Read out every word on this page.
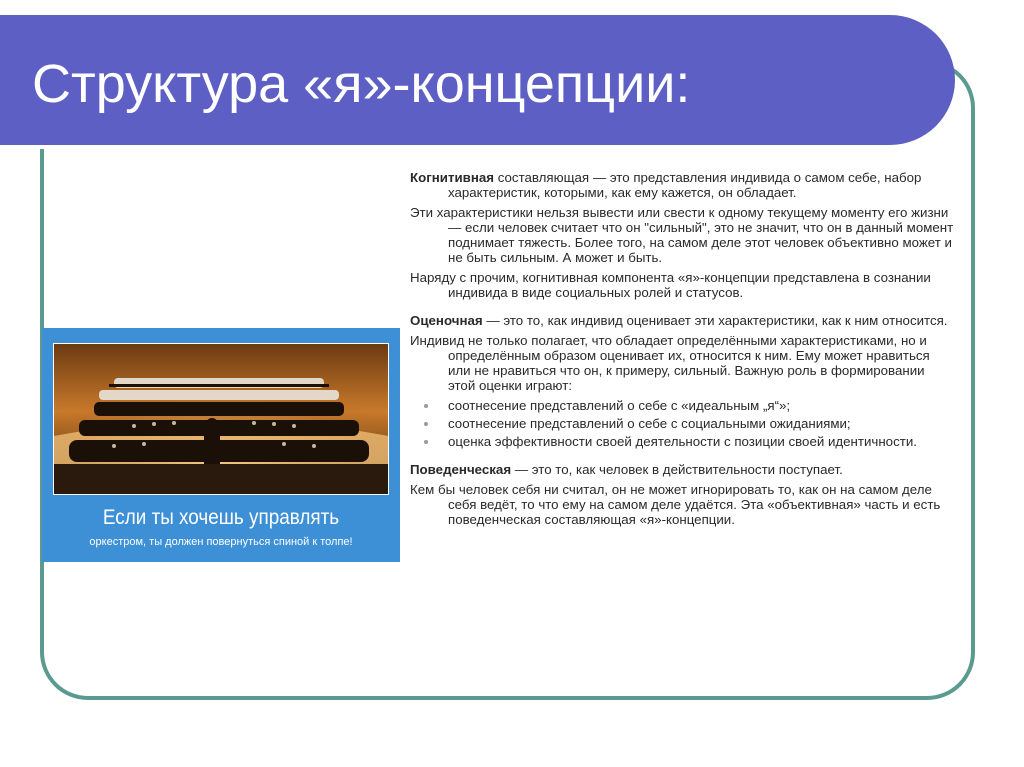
Структура «я»-концепции:
Если ты хочешь управлять
оркестром, ты должен повернуться спиной к толпе!

Когнитивная составляющая — это представления индивида о самом себе, набор характеристик, которыми, как ему кажется, он обладает.

Эти характеристики нельзя вывести или свести к одному текущему моменту его жизни — если человек считает что он "сильный", это не значит, что он в данный момент поднимает тяжесть. Более того, на самом деле этот человек объективно может и не быть сильным. А может и быть.

Наряду с прочим, когнитивная компонента «я»-концепции представлена в сознании индивида в виде социальных ролей и статусов.

Оценочная — это то, как индивид оценивает эти характеристики, как к ним относится.

Индивид не только полагает, что обладает определёнными характеристиками, но и определённым образом оценивает их, относится к ним. Ему может нравиться или не нравиться что он, к примеру, сильный. Важную роль в формировании этой оценки играют:

соотнесение представлений о себе с «идеальным „я“»;
соотнесение представлений о себе с социальными ожиданиями;
оценка эффективности своей деятельности с позиции своей идентичности.

Поведенческая — это то, как человек в действительности поступает.

Кем бы человек себя ни считал, он не может игнорировать то, как он на самом деле себя ведёт, то что ему на самом деле удаётся. Эта «объективная» часть и есть поведенческая составляющая «я»-концепции.
